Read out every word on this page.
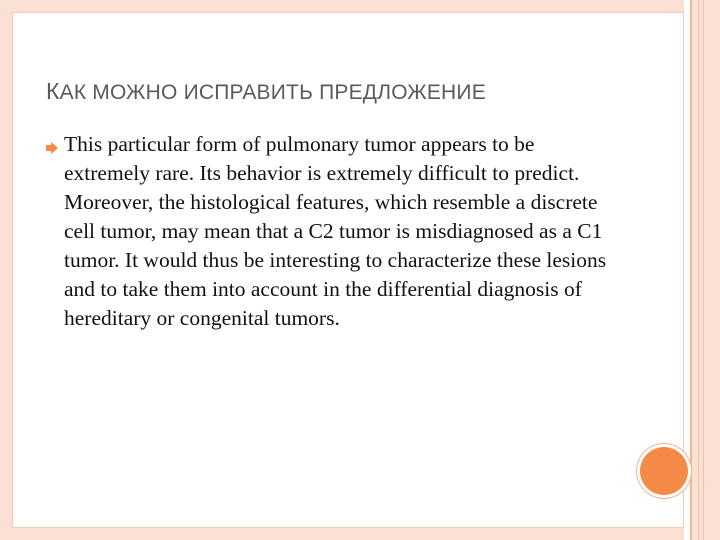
КАК МОЖНО ИСПРАВИТЬ ПРЕДЛОЖЕНИЕ

This particular form of pulmonary tumor appears to be extremely rare. Its behavior is extremely difficult to predict. Moreover, the histological features, which resemble a discrete cell tumor, may mean that a C2 tumor is misdiagnosed as a C1 tumor. It would thus be interesting to characterize these lesions and to take them into account in the differential diagnosis of hereditary or congenital tumors.
